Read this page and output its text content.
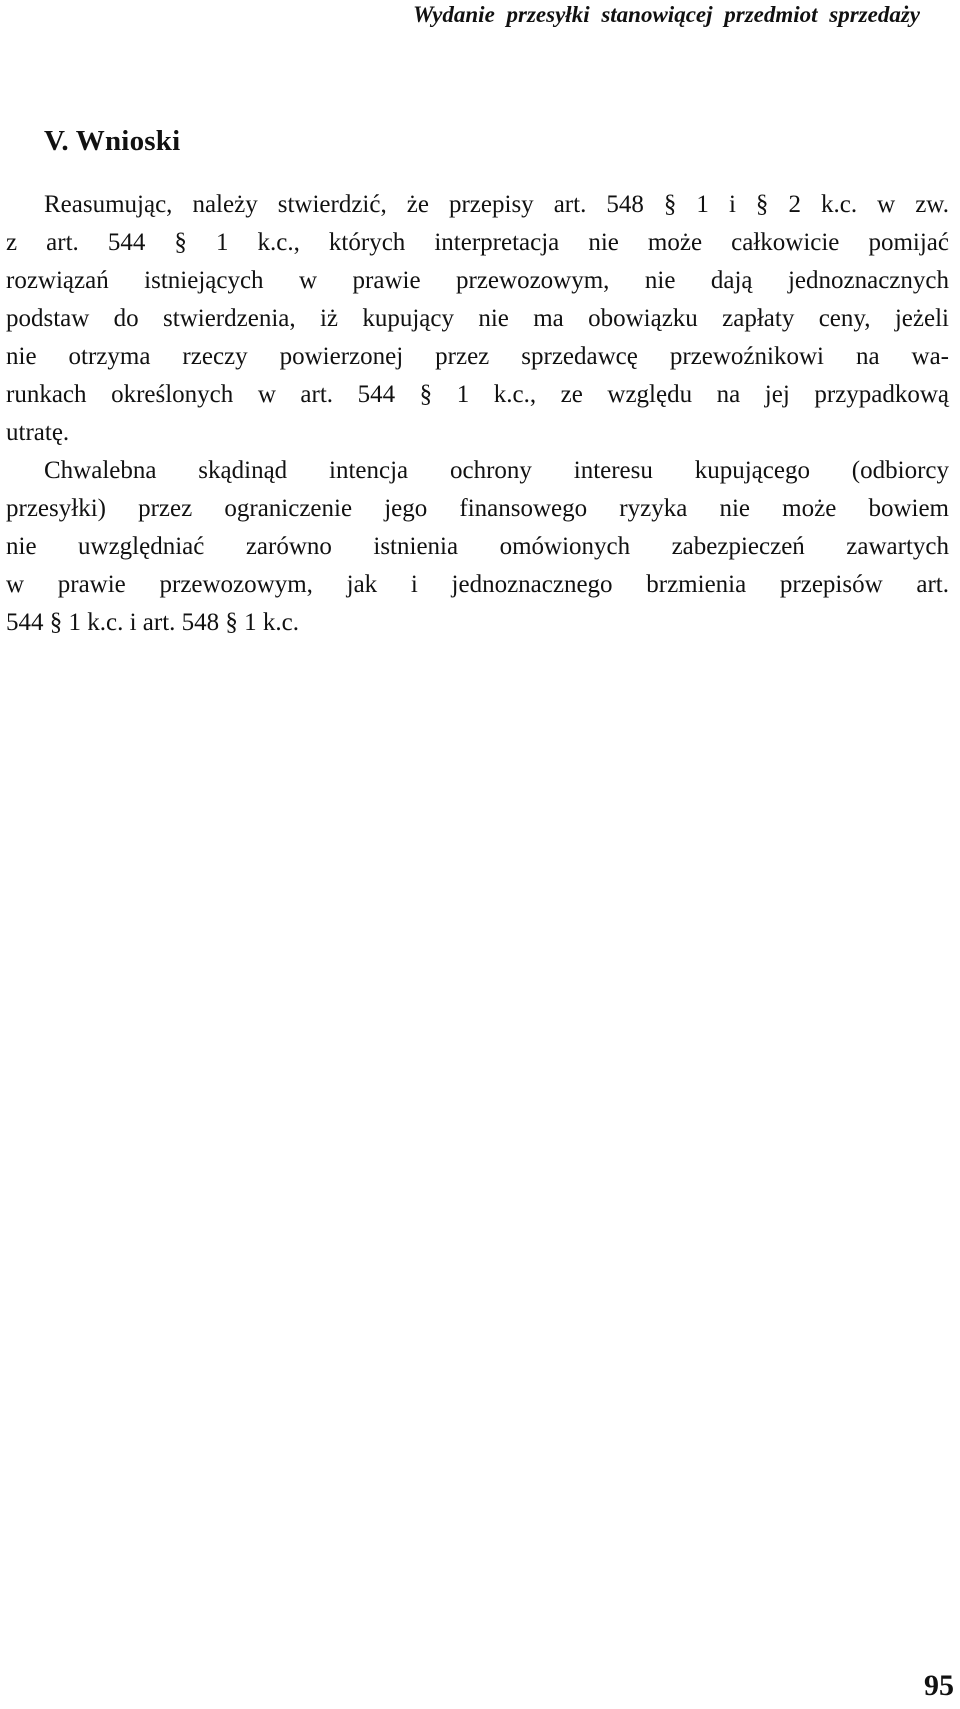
Wydanie przesyłki stanowiącej przedmiot sprzedaży
V. Wnioski
Reasumując, należy stwierdzić, że przepisy art. 548 § 1 i § 2 k.c. w zw.
z art. 544 § 1 k.c., których interpretacja nie może całkowicie pomijać
rozwiązań istniejących w prawie przewozowym, nie dają jednoznacznych
podstaw do stwierdzenia, iż kupujący nie ma obowiązku zapłaty ceny, jeżeli
nie otrzyma rzeczy powierzonej przez sprzedawcę przewoźnikowi na wa-
runkach określonych w art. 544 § 1 k.c., ze względu na jej przypadkową
utratę.
Chwalebna skądinąd intencja ochrony interesu kupującego (odbiorcy
przesyłki) przez ograniczenie jego finansowego ryzyka nie może bowiem
nie uwzględniać zarówno istnienia omówionych zabezpieczeń zawartych
w prawie przewozowym, jak i jednoznacznego brzmienia przepisów art.
544 § 1 k.c. i art. 548 § 1 k.c.
95
